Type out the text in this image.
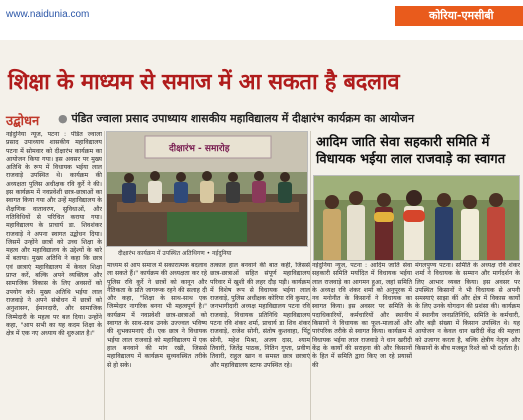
www.naidunia.com	कोरिया-एमसीबी
शिक्षा के माध्यम से समाज में आ सकता है बदलाव
उद्बोधन ● पंडित ज्वाला प्रसाद उपाध्याय शासकीय महाविद्यालय में दीक्षारंभ कार्यक्रम का आयोजन
नईदुनिया न्यूज, पटना : पंडित ज्वाला प्रसाद उपाध्याय शासकीय महाविद्यालय पटना में सोमवार को दीक्षारंभ कार्यक्रम का आयोजन किया गया। इस अवसर पर मुख्य अतिथि के रूप में विधायक भईया लाल राजवाड़े उपस्थित थे। कार्यक्रम की अध्यक्षता पुलिस अधीक्षक रवि कुर्रे ने की। इस कार्यक्रम में नवप्रवेशी छात्र-छात्राओं का स्वागत किया गया और उन्हें महाविद्यालय के शैक्षणिक वातावरण, सुविधाओं, और गतिविधियों से परिचित कराया गया। महाविद्यालय के प्राचार्य डा. शिवशंकर राजवाड़े ने अपना स्वागत उद्बोधन दिया। जिसमें उन्होंने छात्रों को उच्च शिक्षा के महत्व और महाविद्यालय के उद्देश्यों के बारे में बताया। मुख्य अतिथि ने कहा कि छात्र एवं छात्राएं महाविद्यालय में केवल शिक्षा प्राप्त करें, बल्कि अपने व्यक्तित्व और सामाजिक विकास के लिए अवसरों को उपयोग करें। मुख्य अतिथि भईया लाल राजवाड़े ने अपने संबोधन में छात्रों को अनुशासन, ईमानदारी, और सामाजिक जिम्मेदारी के महत्व पर बल दिया। उन्होंने कहा, "आप सभी का यह कदम शिक्षा के क्षेत्र में एक नए अध्याय की शुरुआत है।"
दीक्षारंभ - समारोह
दीक्षारंभ कार्यक्रम में उपस्थित अतिथिगण • नईदुनिया
माध्यम से आप समाज में सकारात्मक बदलाव ला सकते हैं।" कार्यक्रम की अध्यक्षता कर रहे पुलिस रवि कुर्रे ने छात्रों को कानून और नैतिकता के प्रति जागरूक रहने की सलाह दी और कहा, "शिक्षा के साथ-साथ एक जिम्मेदार नागरिक बनना भी महत्वपूर्ण है।" कार्यक्रम में नवप्रवेशी छात्र-छात्राओं को स्वागत के साथ-साथ उनके उज्ज्वल भविष्य की शुभकामनाएं दी। एक छात्र ने विधायक भईया लाल राजवाड़े को महाविद्यालय में एक हाल बनवाने की मांग रखी, जिससे महाविद्यालय में कार्यक्रम सुव्यवस्थित तरीके से हो सके।
तत्काल हाल बनवाने की बात कही, जिससे छात्र-छात्राओं सहित संपूर्ण महाविद्यालय परिवार में खुशी की लहर दौड़ पड़ी। कार्यक्रम में विशेष रूप से विधायक भईया लाल राजवाड़े, पुलिस अधीक्षक कोरिया रवि कुमार, जनभागीदारी अध्यक्ष महाविद्यालय पटना रवि राजवाड़े, विधायक प्रतिनिधि महाविद्यालय पटना रवि शंकर शर्मा, प्राचार्य डा शिव शंकर राजवाड़े, राजेश सोनी, संतोष कुशवाहा, पिंटू सोनी, महेश मिश्रा, अजय दास, श्याम तिवारी, जितेंद्र पाठक, नितिन गुप्ता, प्रवीण तिवारी, राहुल खान व समस्त छात्र छात्राएं और महाविद्यालय स्टाफ उपस्थित रहे।
आदिम जाति सेवा सहकारी समिति में विधायक भईया लाल राजवाड़े का स्वागत
नईदुनिया न्यूज, पटना : आदिम जाति सेवा सहकारी समिति मर्यादित में विधायक भईया लाल राजवाड़े का आगमन हुआ, जहां समिति के अध्यक्ष रवि शंकर शर्मा को अनुपूरक में नव मनोनीत के किसानों ने विधायक का स्वागत किया। इस अवसर पर समिति के पदाधिकारियों, कर्मचारियों और स्थानीय किसानों ने विधायक का फूल-मालाओं और पारंपरिक तरीके से स्वागत किया। कार्यक्रम में विधायक भईया लाल राजवाड़े ने धान खरीदी केंद्र के कार्यों की सराहना की और किसानों के हित में समिति द्वारा किए जा रहे प्रयासों की
मंगलपुण्य पटना। समिति के अध्यक्ष रवि शंकर शर्मा ने विधायक के सम्मान और मार्गदर्शन के लिए आभार व्यक्त किया। इस अवसर पर उपस्थित किसानों ने भी विधायक से अपनी समस्याएं साझा कीं और क्षेत्र में विकास कार्यों के लिए उनके योगदान की प्रशंसा की। कार्यक्रम में स्थानीय जनप्रतिनिधि, समिति के कर्मचारी, और बड़ी संख्या में किसान उपस्थित थे। यह आयोजन न केवल धान खरीदी केंद्र की महत्ता को उजागर करता है, बल्कि क्षेत्रीय नेतृत्व और किसानों के बीच मजबूत रिश्ते को भी दर्शाता है।
